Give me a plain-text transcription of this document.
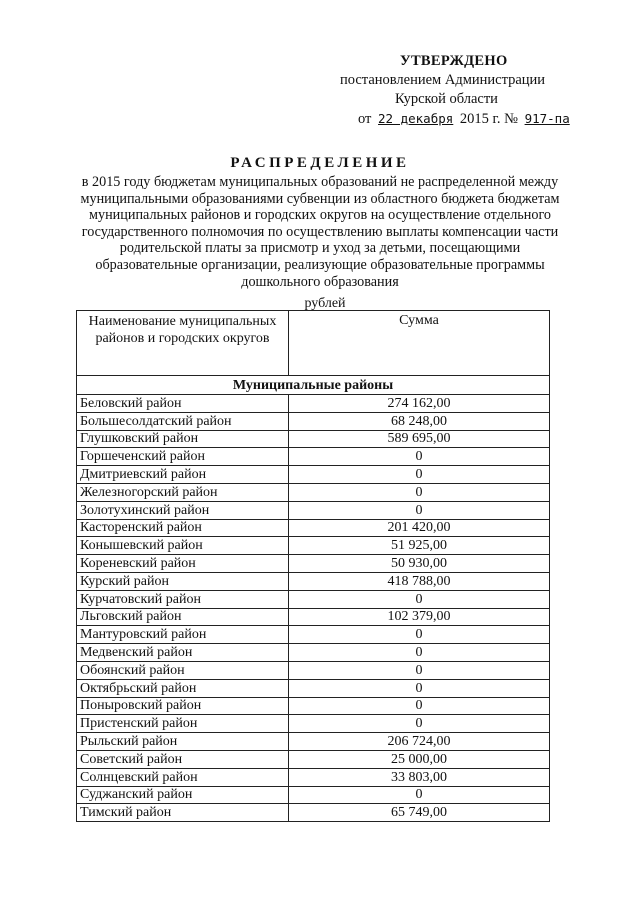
УТВЕРЖДЕНО
постановлением Администрации
Курской области
от 22 декабря 2015 г. № 917-па
РАСПРЕДЕЛЕНИЕ
в 2015 году бюджетам муниципальных образований не распределенной между муниципальными образованиями субвенции из областного бюджета бюджетам муниципальных районов и городских округов на осуществление отдельного государственного полномочия по осуществлению выплаты компенсации части родительской платы за присмотр и уход за детьми, посещающими образовательные организации, реализующие образовательные программы дошкольного образования
рублей
Наименование муниципальных районов и городских округов	Сумма
Муниципальные районы	
Беловский район	274 162,00
Большесолдатский район	68 248,00
Глушковский район	589 695,00
Горшеченский район	0
Дмитриевский район	0
Железногорский район	0
Золотухинский район	0
Касторенский район	201 420,00
Конышевский район	51 925,00
Кореневский район	50 930,00
Курский район	418 788,00
Курчатовский район	0
Льговский район	102 379,00
Мантуровский район	0
Медвенский район	0
Обоянский район	0
Октябрьский район	0
Поныровский район	0
Пристенский район	0
Рыльский район	206 724,00
Советский район	25 000,00
Солнцевский район	33 803,00
Суджанский район	0
Тимский район	65 749,00
